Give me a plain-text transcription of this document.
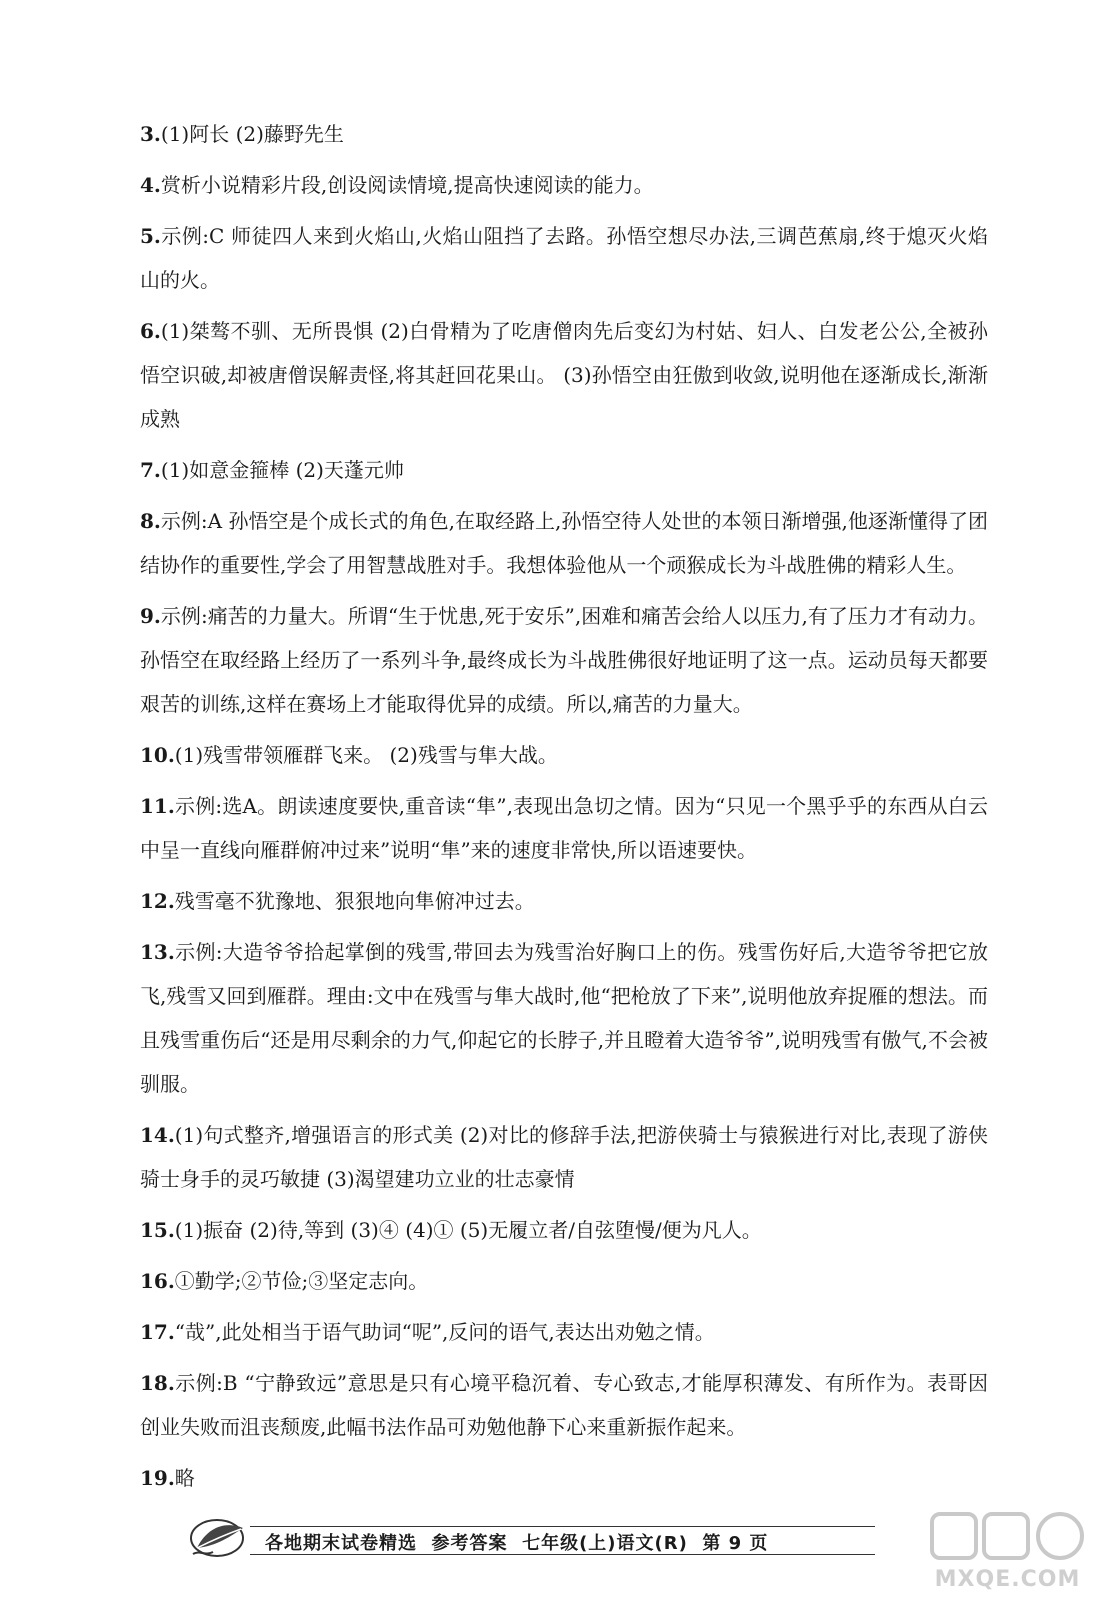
3.(1)阿长 (2)藤野先生
4.赏析小说精彩片段,创设阅读情境,提高快速阅读的能力。
5.示例:C 师徒四人来到火焰山,火焰山阻挡了去路。孙悟空想尽办法,三调芭蕉扇,终于熄灭火焰山的火。
6.(1)桀骜不驯、无所畏惧 (2)白骨精为了吃唐僧肉先后变幻为村姑、妇人、白发老公公,全被孙悟空识破,却被唐僧误解责怪,将其赶回花果山。 (3)孙悟空由狂傲到收敛,说明他在逐渐成长,渐渐成熟
7.(1)如意金箍棒 (2)天蓬元帅
8.示例:A 孙悟空是个成长式的角色,在取经路上,孙悟空待人处世的本领日渐增强,他逐渐懂得了团结协作的重要性,学会了用智慧战胜对手。我想体验他从一个顽猴成长为斗战胜佛的精彩人生。
9.示例:痛苦的力量大。所谓“生于忧患,死于安乐”,困难和痛苦会给人以压力,有了压力才有动力。孙悟空在取经路上经历了一系列斗争,最终成长为斗战胜佛很好地证明了这一点。运动员每天都要艰苦的训练,这样在赛场上才能取得优异的成绩。所以,痛苦的力量大。
10.(1)残雪带领雁群飞来。 (2)残雪与隼大战。
11.示例:选A。朗读速度要快,重音读“隼”,表现出急切之情。因为“只见一个黑乎乎的东西从白云中呈一直线向雁群俯冲过来”说明“隼”来的速度非常快,所以语速要快。
12.残雪毫不犹豫地、狠狠地向隼俯冲过去。
13.示例:大造爷爷拾起掌倒的残雪,带回去为残雪治好胸口上的伤。残雪伤好后,大造爷爷把它放飞,残雪又回到雁群。理由:文中在残雪与隼大战时,他“把枪放了下来”,说明他放弃捉雁的想法。而且残雪重伤后“还是用尽剩余的力气,仰起它的长脖子,并且瞪着大造爷爷”,说明残雪有傲气,不会被驯服。
14.(1)句式整齐,增强语言的形式美 (2)对比的修辞手法,把游侠骑士与猿猴进行对比,表现了游侠骑士身手的灵巧敏捷 (3)渴望建功立业的壮志豪情
15.(1)振奋 (2)待,等到 (3)④ (4)① (5)无履立者/自弦堕慢/便为凡人。
16.①勤学;②节俭;③坚定志向。
17.“哉”,此处相当于语气助词“呢”,反问的语气,表达出劝勉之情。
18.示例:B “宁静致远”意思是只有心境平稳沉着、专心致志,才能厚积薄发、有所作为。表哥因创业失败而沮丧颓废,此幅书法作品可劝勉他静下心来重新振作起来。
19.略
各地期末试卷精选  参考答案  七年级(上)语文(R)  第 9 页
MXQE.COM
